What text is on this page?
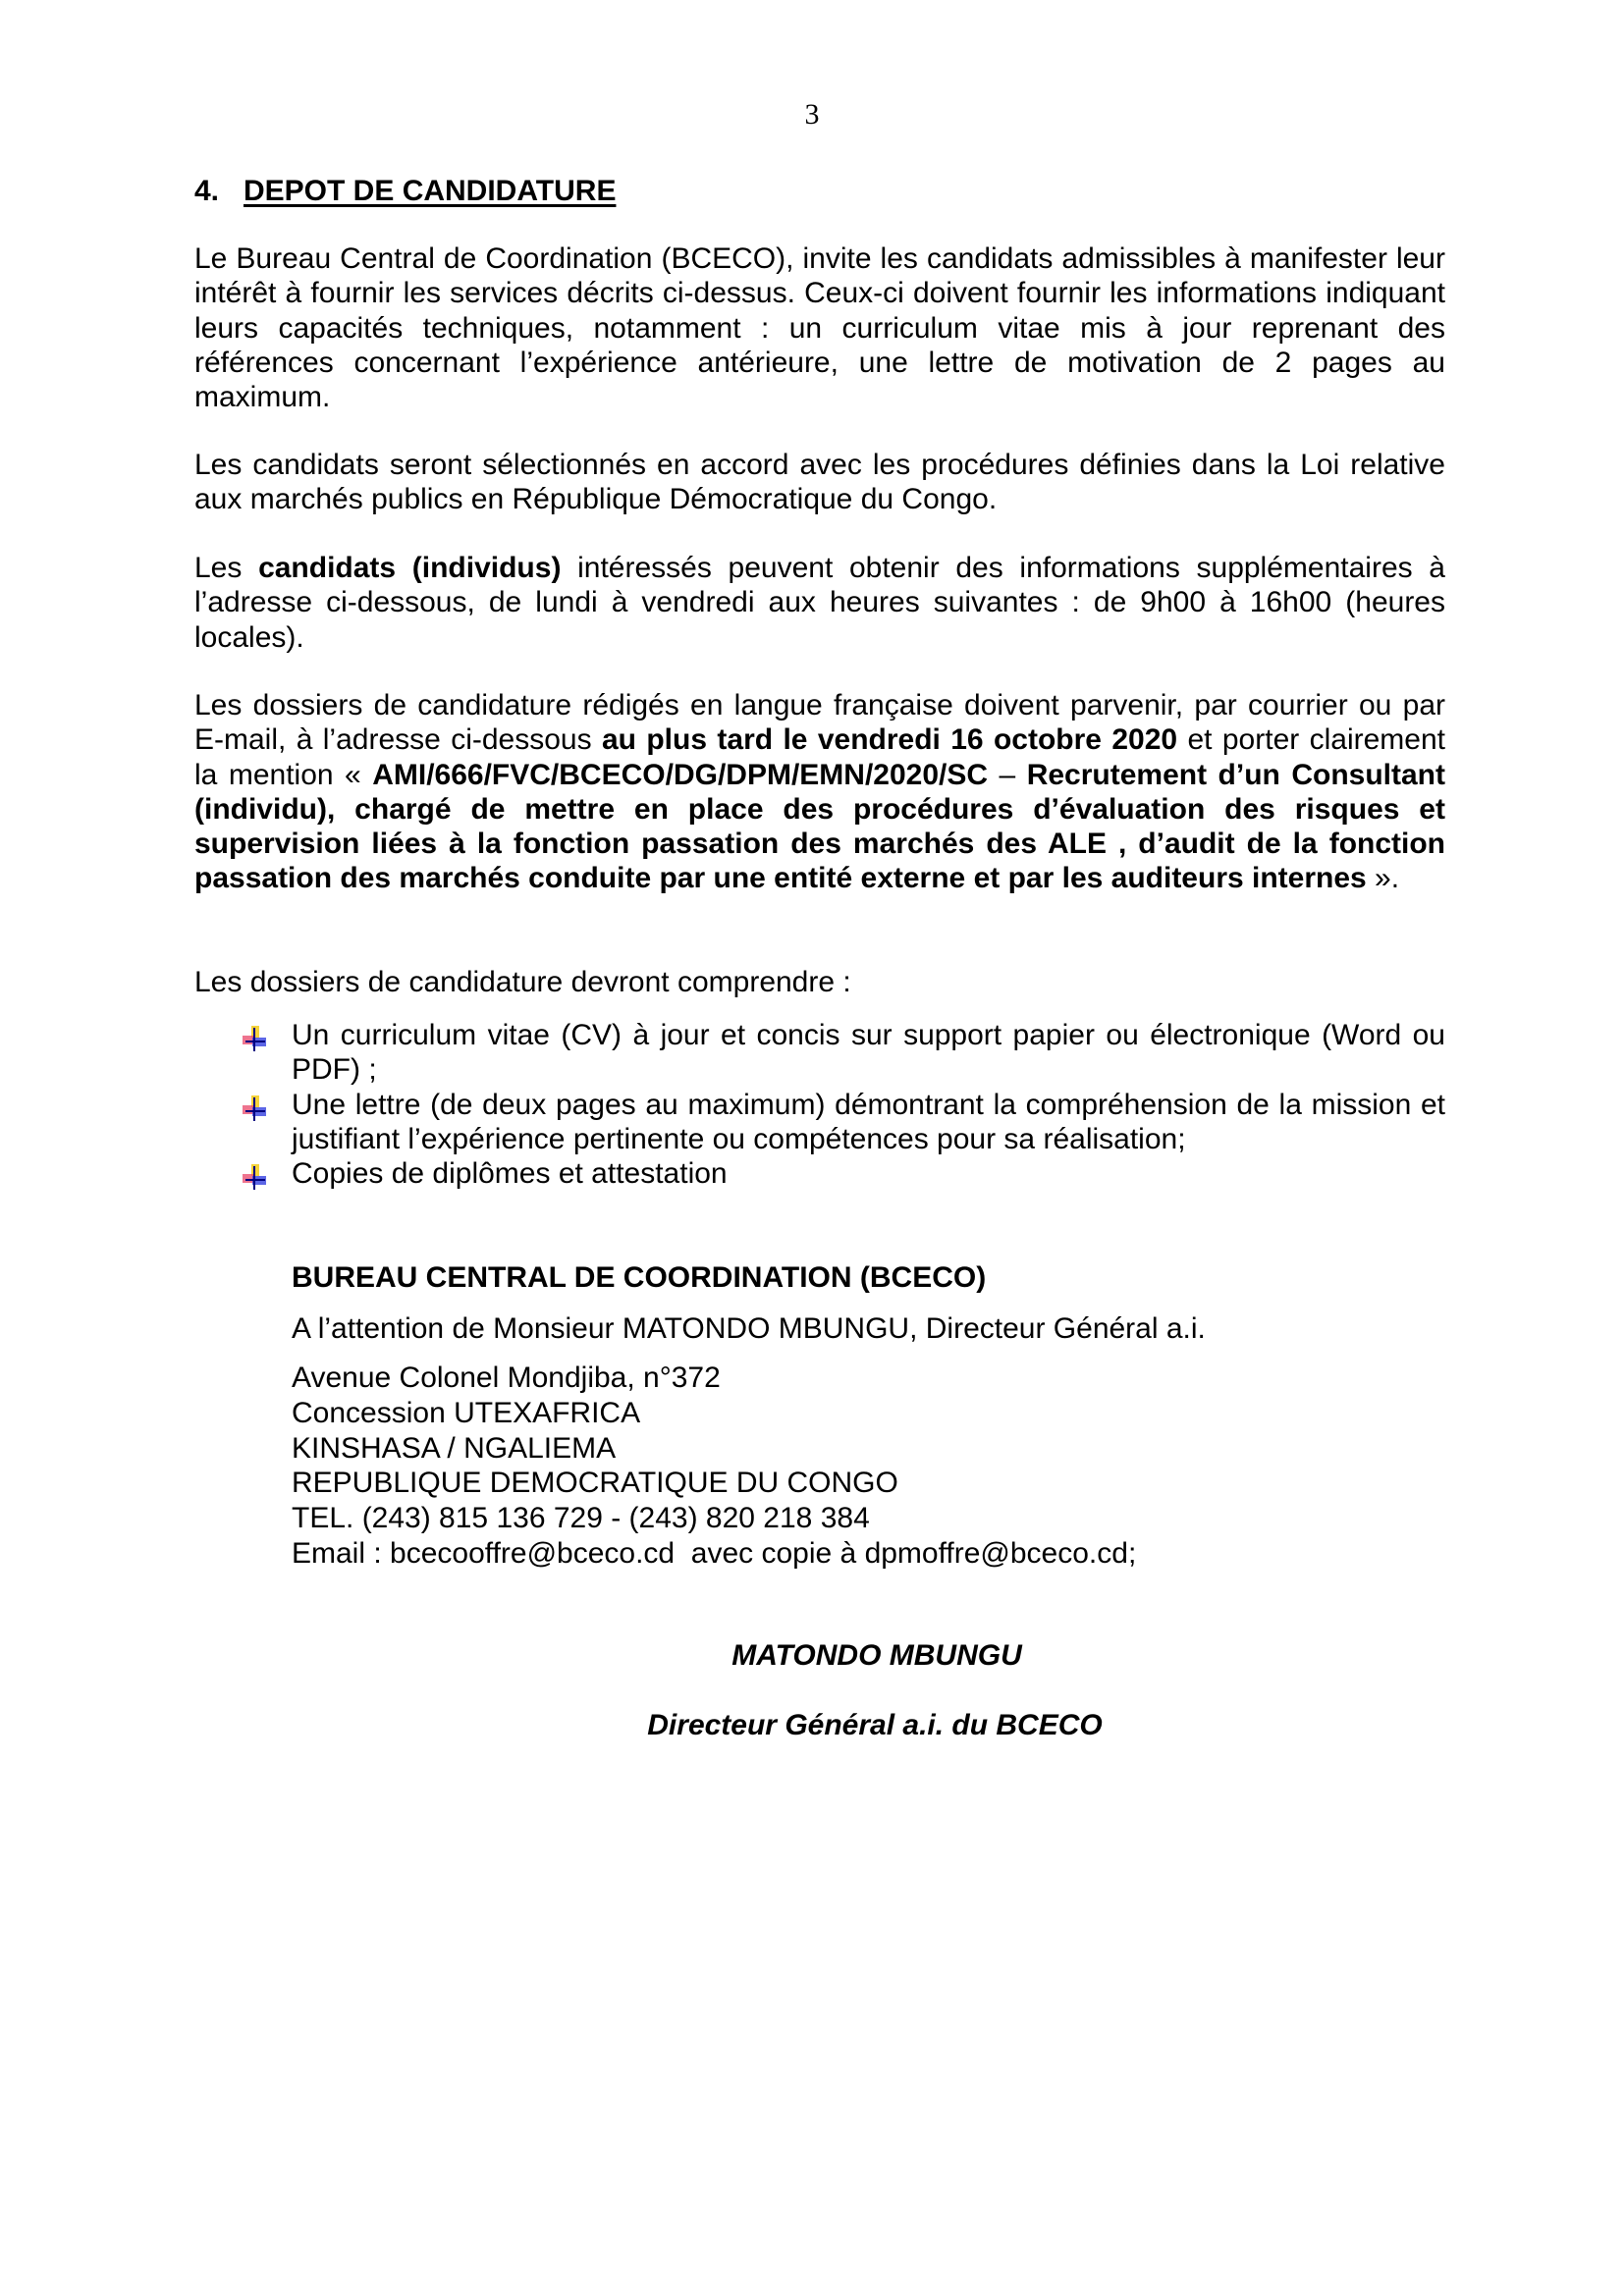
3
4. DEPOT DE CANDIDATURE

Le Bureau Central de Coordination (BCECO), invite les candidats admissibles à manifester leur intérêt à fournir les services décrits ci-dessus. Ceux-ci doivent fournir les informations indiquant leurs capacités techniques, notamment : un curriculum vitae mis à jour reprenant des références concernant l’expérience antérieure, une lettre de motivation de 2 pages au maximum.

Les candidats seront sélectionnés en accord avec les procédures définies dans la Loi relative aux marchés publics en République Démocratique du Congo.

Les candidats (individus) intéressés peuvent obtenir des informations supplémentaires à l’adresse ci-dessous, de lundi à vendredi aux heures suivantes : de 9h00 à 16h00 (heures locales).

Les dossiers de candidature rédigés en langue française doivent parvenir, par courrier ou par E-mail, à l’adresse ci-dessous au plus tard le vendredi 16 octobre 2020 et porter clairement la mention « AMI/666/FVC/BCECO/DG/DPM/EMN/2020/SC – Recrutement d’un Consultant (individu), chargé de mettre en place des procédures d’évaluation des risques et supervision liées à la fonction passation des marchés des ALE , d’audit de la fonction passation des marchés conduite par une entité externe et par les auditeurs internes ».

Les dossiers de candidature devront comprendre :

Un curriculum vitae (CV) à jour et concis sur support papier ou électronique (Word ou PDF) ;
Une lettre (de deux pages au maximum) démontrant la compréhension de la mission et justifiant l’expérience pertinente ou compétences pour sa réalisation;
Copies de diplômes et attestation
BUREAU CENTRAL DE COORDINATION (BCECO)
A l’attention de Monsieur MATONDO MBUNGU, Directeur Général a.i.
Avenue Colonel Mondjiba, n°372
Concession UTEXAFRICA
KINSHASA / NGALIEMA
REPUBLIQUE DEMOCRATIQUE DU CONGO
TEL. (243) 815 136 729 - (243) 820 218 384
Email : bcecooffre@bceco.cd  avec copie à dpmoffre@bceco.cd;
MATONDO MBUNGU
Directeur Général a.i. du BCECO
